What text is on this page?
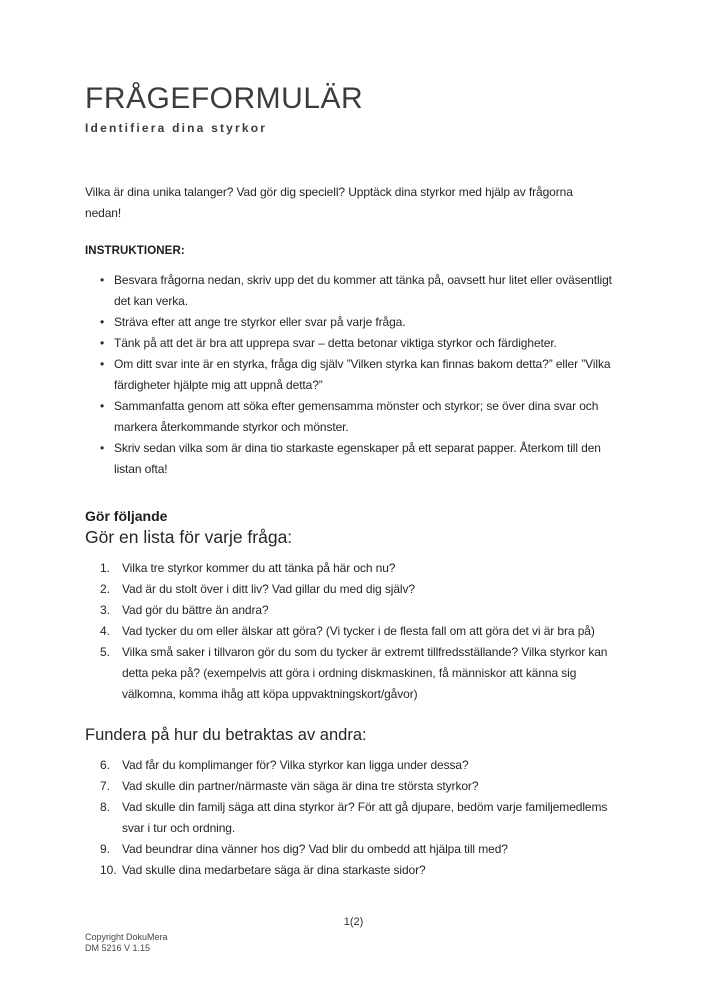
FRÅGEFORMULÄR
Identifiera dina styrkor

Vilka är dina unika talanger? Vad gör dig speciell? Upptäck dina styrkor med hjälp av frågorna nedan!

INSTRUKTIONER:
• Besvara frågorna nedan, skriv upp det du kommer att tänka på, oavsett hur litet eller oväsentligt det kan verka.
• Sträva efter att ange tre styrkor eller svar på varje fråga.
• Tänk på att det är bra att upprepa svar – detta betonar viktiga styrkor och färdigheter.
• Om ditt svar inte är en styrka, fråga dig själv ”Vilken styrka kan finnas bakom detta?” eller ”Vilka färdigheter hjälpte mig att uppnå detta?”
• Sammanfatta genom att söka efter gemensamma mönster och styrkor; se över dina svar och markera återkommande styrkor och mönster.
• Skriv sedan vilka som är dina tio starkaste egenskaper på ett separat papper. Återkom till den listan ofta!
Gör följande
Gör en lista för varje fråga:
1. Vilka tre styrkor kommer du att tänka på här och nu?
2. Vad är du stolt över i ditt liv? Vad gillar du med dig själv?
3. Vad gör du bättre än andra?
4. Vad tycker du om eller älskar att göra? (Vi tycker i de flesta fall om att göra det vi är bra på)
5. Vilka små saker i tillvaron gör du som du tycker är extremt tillfredsställande? Vilka styrkor kan detta peka på? (exempelvis att göra i ordning diskmaskinen, få människor att känna sig välkomna, komma ihåg att köpa uppvaktningskort/gåvor)
Fundera på hur du betraktas av andra:
6. Vad får du komplimanger för? Vilka styrkor kan ligga under dessa?
7. Vad skulle din partner/närmaste vän säga är dina tre största styrkor?
8. Vad skulle din familj säga att dina styrkor är? För att gå djupare, bedöm varje familjemedlems svar i tur och ordning.
9. Vad beundrar dina vänner hos dig? Vad blir du ombedd att hjälpa till med?
10. Vad skulle dina medarbetare säga är dina starkaste sidor?
1(2)
Copyright DokuMera
DM 5216 V 1.15
